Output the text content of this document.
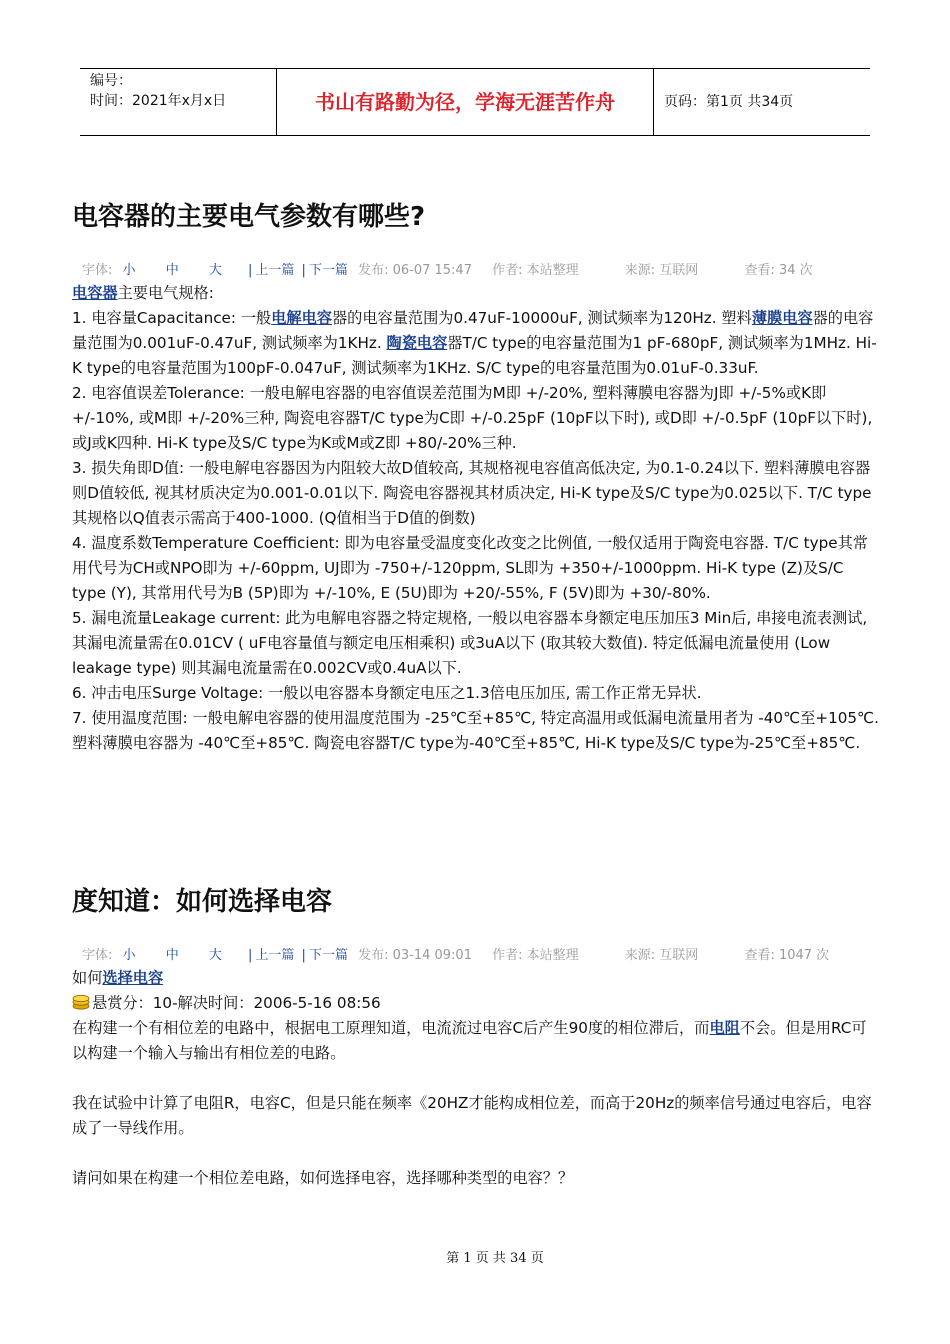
编号：
时间：2021年x月x日	书山有路勤为径，学海无涯苦作舟	页码：第1页 共34页
电容器的主要电气参数有哪些?
字体: 小 中 大 | 上一篇 | 下一篇 发布: 06-07 15:47 作者: 本站整理	来源: 互联网	查看: 34 次

电容器主要电气规格:

1. 电容量Capacitance: 一般电解电容器的电容量范围为0.47uF-10000uF, 测试频率为120Hz. 塑料薄膜电容器的电容量范围为0.001uF-0.47uF, 测试频率为1KHz. 陶瓷电容器T/C type的电容量范围为1 pF-680pF, 测试频率为1MHz. Hi-K type的电容量范围为100pF-0.047uF, 测试频率为1KHz. S/C type的电容量范围为0.01uF-0.33uF.

2. 电容值误差Tolerance: 一般电解电容器的电容值误差范围为M即 +/-20%, 塑料薄膜电容器为J即 +/-5%或K即 +/-10%, 或M即 +/-20%三种, 陶瓷电容器T/C type为C即 +/-0.25pF (10pF以下时), 或D即 +/-0.5pF (10pF以下时), 或J或K四种. Hi-K type及S/C type为K或M或Z即 +80/-20%三种.

3. 损失角即D值: 一般电解电容器因为内阻较大故D值较高, 其规格视电容值高低决定, 为0.1-0.24以下. 塑料薄膜电容器则D值较低, 视其材质决定为0.001-0.01以下. 陶瓷电容器视其材质决定, Hi-K type及S/C type为0.025以下. T/C type其规格以Q值表示需高于400-1000. (Q值相当于D值的倒数)

4. 温度系数Temperature Coefficient: 即为电容量受温度变化改变之比例值, 一般仅适用于陶瓷电容器. T/C type其常用代号为CH或NPO即为 +/-60ppm, UJ即为 -750+/-120ppm, SL即为 +350+/-1000ppm. Hi-K type (Z)及S/C type (Y), 其常用代号为B (5P)即为 +/-10%, E (5U)即为 +20/-55%, F (5V)即为 +30/-80%.

5. 漏电流量Leakage current: 此为电解电容器之特定规格, 一般以电容器本身额定电压加压3 Min后, 串接电流表测试, 其漏电流量需在0.01CV ( uF电容量值与额定电压相乘积) 或3uA以下 (取其较大数值). 特定低漏电流量使用 (Low leakage type) 则其漏电流量需在0.002CV或0.4uA以下.

6. 冲击电压Surge Voltage: 一般以电容器本身额定电压之1.3倍电压加压, 需工作正常无异状.

7. 使用温度范围: 一般电解电容器的使用温度范围为 -25℃至+85℃, 特定高温用或低漏电流量用者为 -40℃至+105℃. 塑料薄膜电容器为 -40℃至+85℃. 陶瓷电容器T/C type为-40℃至+85℃, Hi-K type及S/C type为-25℃至+85℃.

度知道：如何选择电容
字体: 小 中 大 | 上一篇 | 下一篇 发布: 03-14 09:01 作者: 本站整理	来源: 互联网	查看: 1047 次

如何选择电容

悬赏分：10-解决时间：2006-5-16 08:56

在构建一个有相位差的电路中，根据电工原理知道，电流流过电容C后产生90度的相位滞后，而电阻不会。但是用RC可以构建一个输入与输出有相位差的电路。

我在试验中计算了电阻R，电容C，但是只能在频率《20HZ才能构成相位差，而高于20Hz的频率信号通过电容后，电容成了一导线作用。

请问如果在构建一个相位差电路，如何选择电容，选择哪种类型的电容？？

第 1 页 共 34 页
